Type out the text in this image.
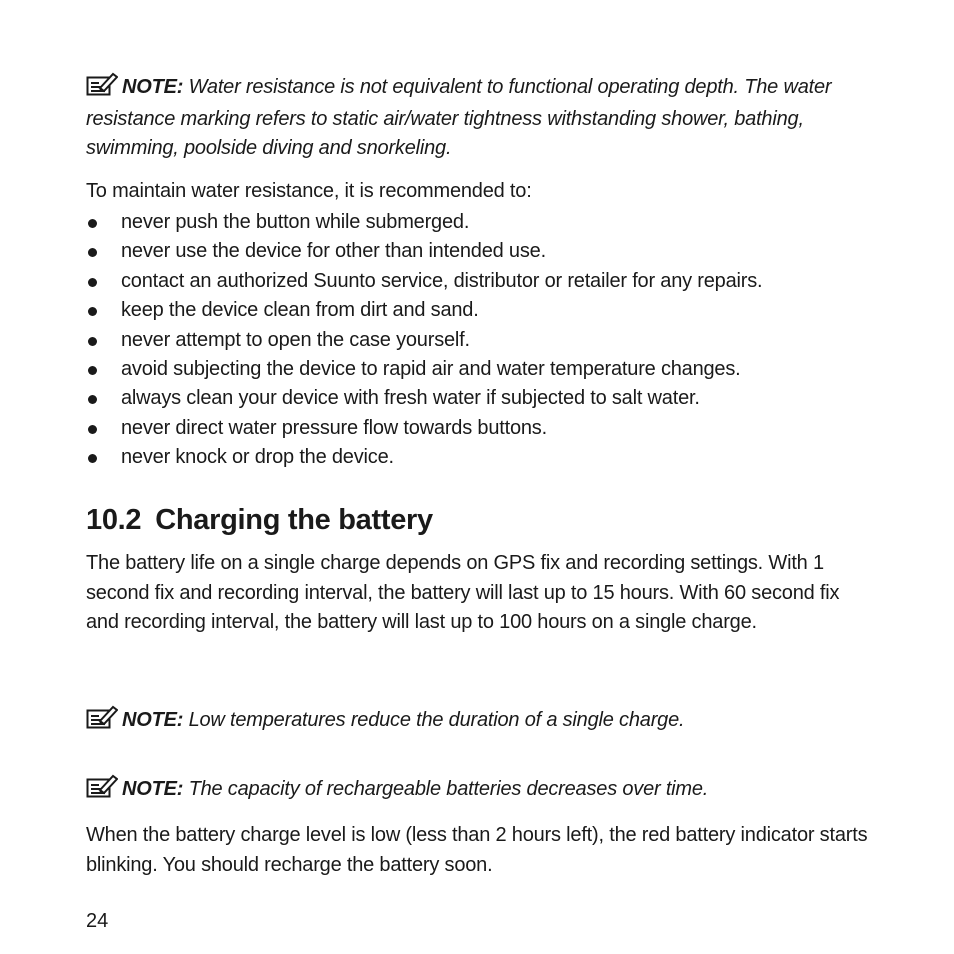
NOTE: Water resistance is not equivalent to functional operating depth. The water resistance marking refers to static air/water tightness withstanding shower, bathing, swimming, poolside diving and snorkeling.
To maintain water resistance, it is recommended to:
never push the button while submerged.
never use the device for other than intended use.
contact an authorized Suunto service, distributor or retailer for any repairs.
keep the device clean from dirt and sand.
never attempt to open the case yourself.
avoid subjecting the device to rapid air and water temperature changes.
always clean your device with fresh water if subjected to salt water.
never direct water pressure flow towards buttons.
never knock or drop the device.
10.2 Charging the battery
The battery life on a single charge depends on GPS fix and recording settings. With 1 second fix and recording interval, the battery will last up to 15 hours. With 60 second fix and recording interval, the battery will last up to 100 hours on a single charge.
NOTE: Low temperatures reduce the duration of a single charge.
NOTE: The capacity of rechargeable batteries decreases over time.
When the battery charge level is low (less than 2 hours left), the red battery indicator starts blinking. You should recharge the battery soon.
24
